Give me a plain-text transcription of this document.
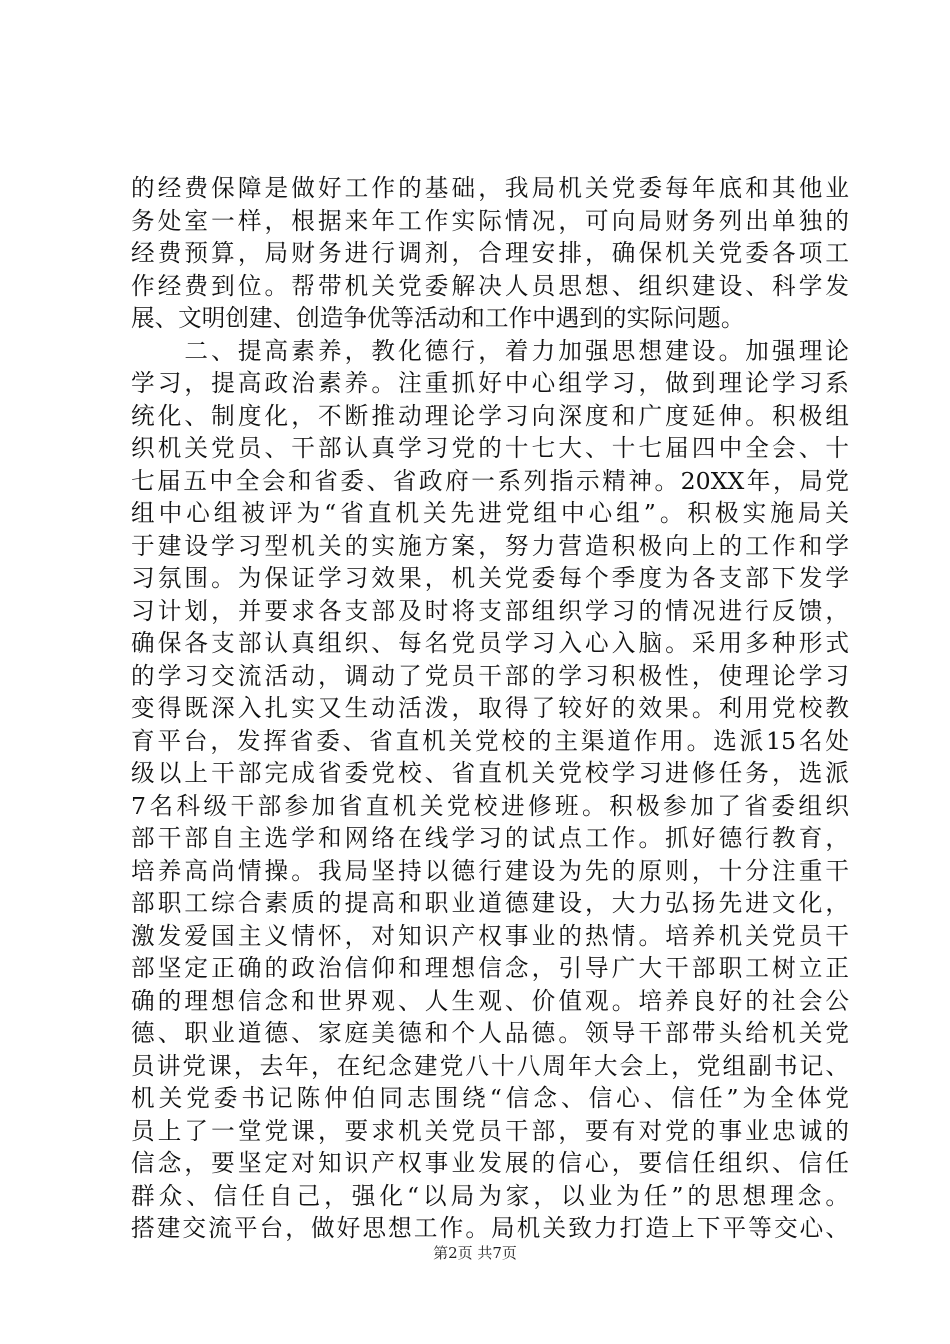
的经费保障是做好工作的基础，我局机关党委每年底和其他业
务处室一样，根据来年工作实际情况，可向局财务列出单独的
经费预算，局财务进行调剂，合理安排，确保机关党委各项工
作经费到位。帮带机关党委解决人员思想、组织建设、科学发
展、文明创建、创造争优等活动和工作中遇到的实际问题。
　　二、提高素养，教化德行，着力加强思想建设。加强理论
学习，提高政治素养。注重抓好中心组学习，做到理论学习系
统化、制度化，不断推动理论学习向深度和广度延伸。积极组
织机关党员、干部认真学习党的十七大、十七届四中全会、十
七届五中全会和省委、省政府一系列指示精神。20XX年，局党
组中心组被评为“省直机关先进党组中心组”。积极实施局关
于建设学习型机关的实施方案，努力营造积极向上的工作和学
习氛围。为保证学习效果，机关党委每个季度为各支部下发学
习计划，并要求各支部及时将支部组织学习的情况进行反馈，
确保各支部认真组织、每名党员学习入心入脑。采用多种形式
的学习交流活动，调动了党员干部的学习积极性，使理论学习
变得既深入扎实又生动活泼，取得了较好的效果。利用党校教
育平台，发挥省委、省直机关党校的主渠道作用。选派15名处
级以上干部完成省委党校、省直机关党校学习进修任务，选派
7名科级干部参加省直机关党校进修班。积极参加了省委组织
部干部自主选学和网络在线学习的试点工作。抓好德行教育，
培养高尚情操。我局坚持以德行建设为先的原则，十分注重干
部职工综合素质的提高和职业道德建设，大力弘扬先进文化，
激发爱国主义情怀，对知识产权事业的热情。培养机关党员干
部坚定正确的政治信仰和理想信念，引导广大干部职工树立正
确的理想信念和世界观、人生观、价值观。培养良好的社会公
德、职业道德、家庭美德和个人品德。领导干部带头给机关党
员讲党课，去年，在纪念建党八十八周年大会上，党组副书记、
机关党委书记陈仲伯同志围绕“信念、信心、信任”为全体党
员上了一堂党课，要求机关党员干部，要有对党的事业忠诚的
信念，要坚定对知识产权事业发展的信心，要信任组织、信任
群众、信任自己，强化“以局为家，以业为任”的思想理念。
搭建交流平台，做好思想工作。局机关致力打造上下平等交心、
第2页 共7页
